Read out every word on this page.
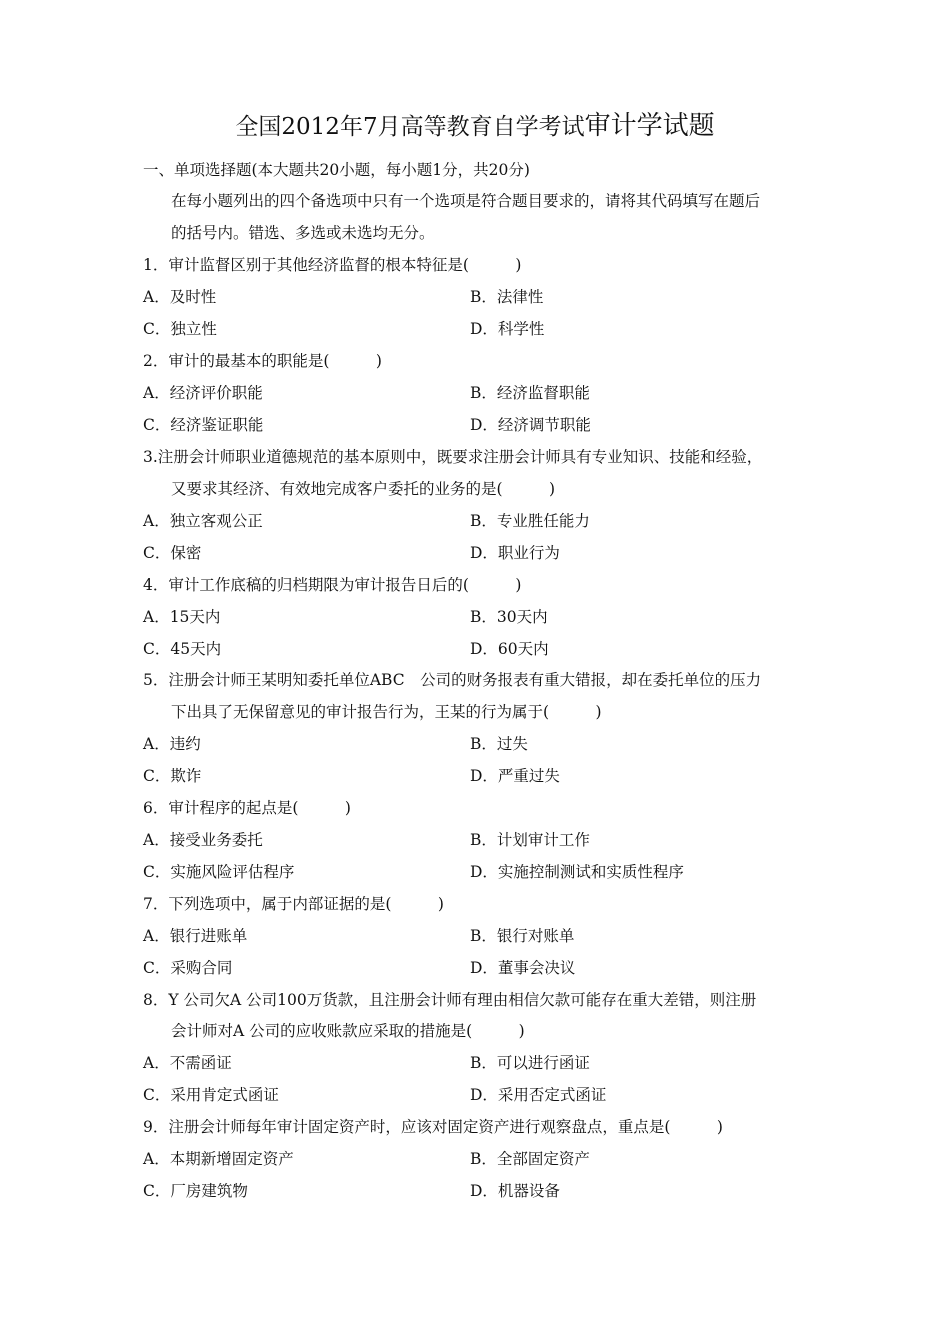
全国2012年7月高等教育自学考试审计学试题
一、单项选择题(本大题共20小题，每小题1分，共20分)
在每小题列出的四个备选项中只有一个选项是符合题目要求的，请将其代码填写在题后
的括号内。错选、多选或未选均无分。
1．审计监督区别于其他经济监督的根本特征是(　　　)
A．及时性	B．法律性
C．独立性	D．科学性
2．审计的最基本的职能是(　　　)
A．经济评价职能	B．经济监督职能
C．经济鉴证职能	D．经济调节职能
3.注册会计师职业道德规范的基本原则中，既要求注册会计师具有专业知识、技能和经验，
又要求其经济、有效地完成客户委托的业务的是(　　　)
A．独立客观公正	B．专业胜任能力
C．保密	D．职业行为
4．审计工作底稿的归档期限为审计报告日后的(　　　)
A．15天内	B．30天内
C．45天内	D．60天内
5．注册会计师王某明知委托单位ABC　公司的财务报表有重大错报，却在委托单位的压力
下出具了无保留意见的审计报告行为，王某的行为属于(　　　)
A．违约	B．过失
C．欺诈	D．严重过失
6．审计程序的起点是(　　　)
A．接受业务委托	B．计划审计工作
C．实施风险评估程序	D．实施控制测试和实质性程序
7．下列选项中，属于内部证据的是(　　　)
A．银行进账单	B．银行对账单
C．采购合同	D．董事会决议
8．Y 公司欠A 公司100万货款，且注册会计师有理由相信欠款可能存在重大差错，则注册
会计师对A 公司的应收账款应采取的措施是(　　　)
A．不需函证	B．可以进行函证
C．采用肯定式函证	D．采用否定式函证
9．注册会计师每年审计固定资产时，应该对固定资产进行观察盘点，重点是(　　　)
A．本期新增固定资产	B．全部固定资产
C．厂房建筑物	D．机器设备
